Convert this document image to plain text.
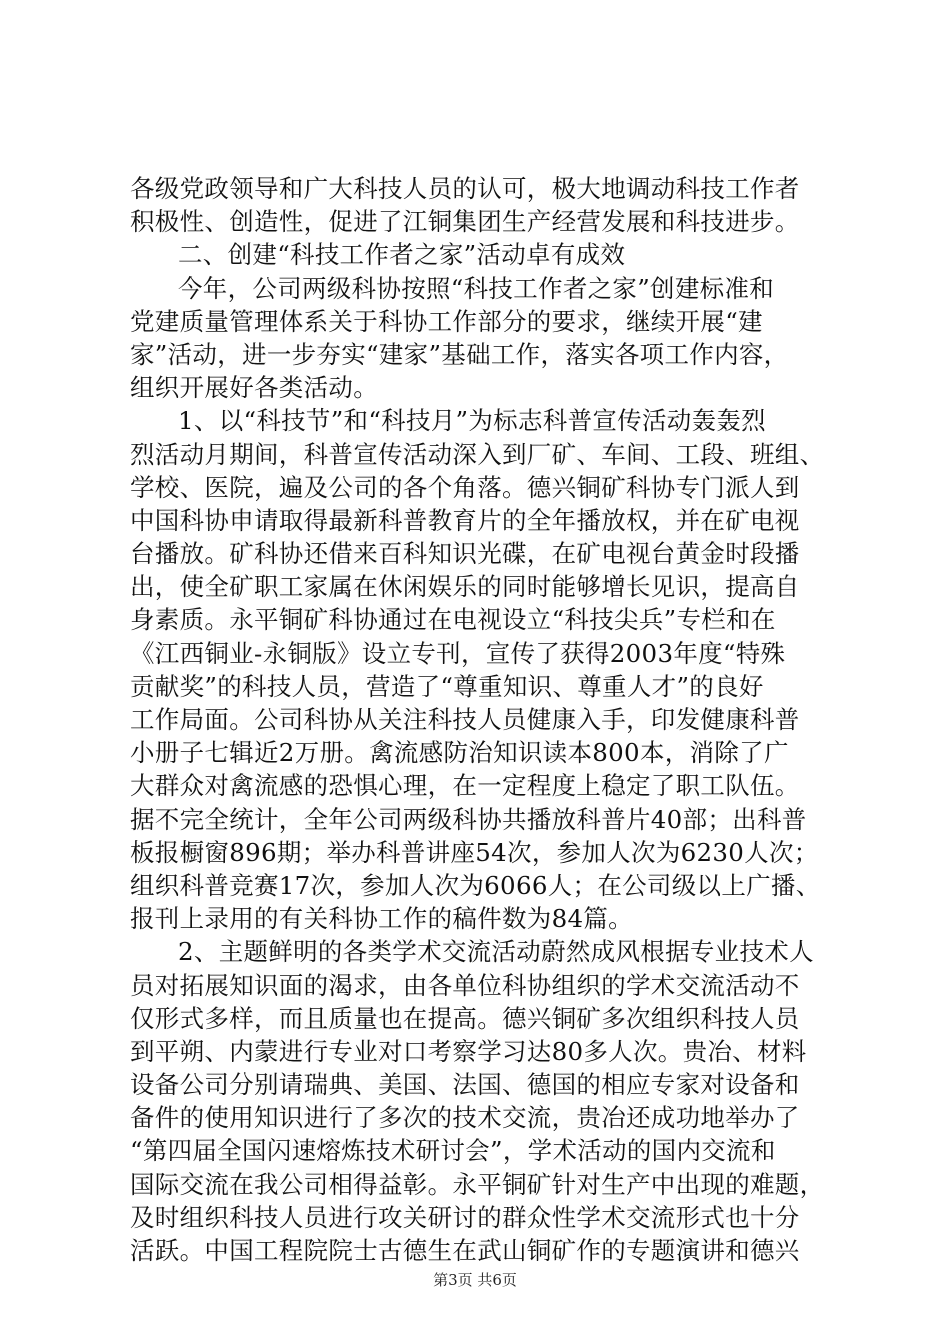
各级党政领导和广大科技人员的认可，极大地调动科技工作者
积极性、创造性，促进了江铜集团生产经营发展和科技进步。
二、创建“科技工作者之家”活动卓有成效
今年，公司两级科协按照“科技工作者之家”创建标准和
党建质量管理体系关于科协工作部分的要求，继续开展“建
家”活动，进一步夯实“建家”基础工作，落实各项工作内容，
组织开展好各类活动。
1、以“科技节”和“科技月”为标志科普宣传活动轰轰烈
烈活动月期间，科普宣传活动深入到厂矿、车间、工段、班组、
学校、医院，遍及公司的各个角落。德兴铜矿科协专门派人到
中国科协申请取得最新科普教育片的全年播放权，并在矿电视
台播放。矿科协还借来百科知识光碟，在矿电视台黄金时段播
出，使全矿职工家属在休闲娱乐的同时能够增长见识，提高自
身素质。永平铜矿科协通过在电视设立“科技尖兵”专栏和在
《江西铜业-永铜版》设立专刊，宣传了获得2003年度“特殊
贡献奖”的科技人员，营造了“尊重知识、尊重人才”的良好
工作局面。公司科协从关注科技人员健康入手，印发健康科普
小册子七辑近2万册。禽流感防治知识读本800本，消除了广
大群众对禽流感的恐惧心理，在一定程度上稳定了职工队伍。
据不完全统计，全年公司两级科协共播放科普片40部；出科普
板报橱窗896期；举办科普讲座54次，参加人次为6230人次；
组织科普竞赛17次，参加人次为6066人；在公司级以上广播、
报刊上录用的有关科协工作的稿件数为84篇。
2、主题鲜明的各类学术交流活动蔚然成风根据专业技术人
员对拓展知识面的渴求，由各单位科协组织的学术交流活动不
仅形式多样，而且质量也在提高。德兴铜矿多次组织科技人员
到平朔、内蒙进行专业对口考察学习达80多人次。贵冶、材料
设备公司分别请瑞典、美国、法国、德国的相应专家对设备和
备件的使用知识进行了多次的技术交流，贵冶还成功地举办了
“第四届全国闪速熔炼技术研讨会”，学术活动的国内交流和
国际交流在我公司相得益彰。永平铜矿针对生产中出现的难题，
及时组织科技人员进行攻关研讨的群众性学术交流形式也十分
活跃。中国工程院院士古德生在武山铜矿作的专题演讲和德兴
第3页 共6页
